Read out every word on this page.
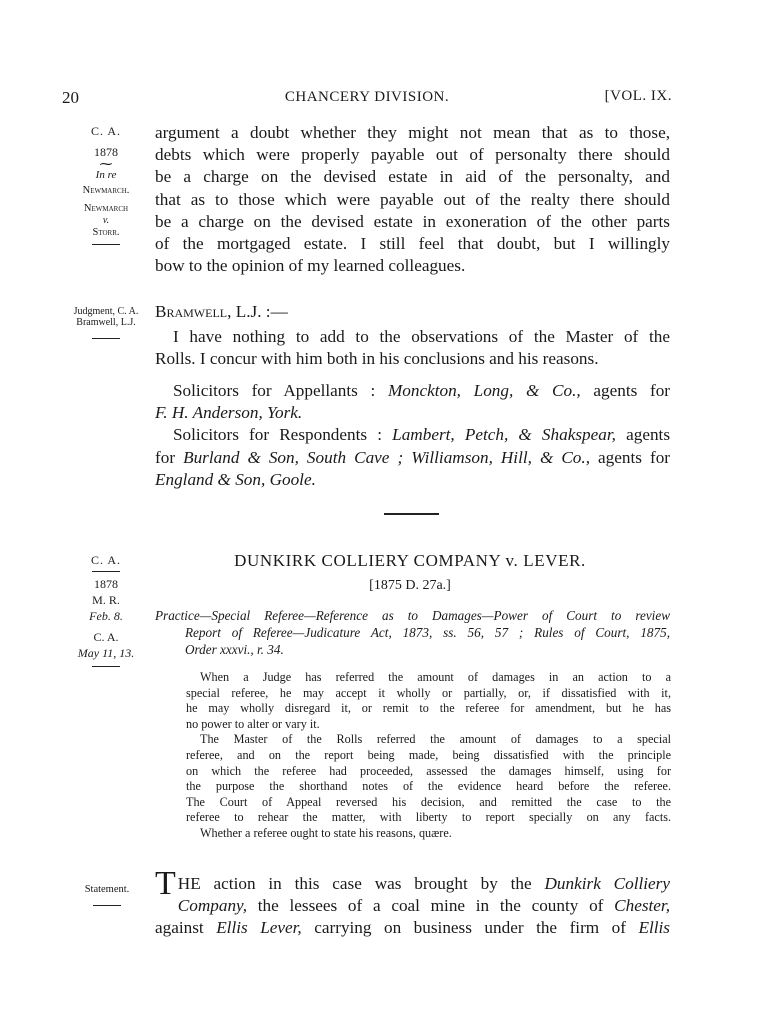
20	CHANCERY DIVISION.	[VOL. IX.
C. A.
1878
⁓
In re
Newmarch.
Newmarch
v.
Storr.
argument a doubt whether they might not mean that as to those,
debts which were properly payable out of personalty there should
be a charge on the devised estate in aid of the personalty, and
that as to those which were payable out of the realty there should
be a charge on the devised estate in exoneration of the other parts
of the mortgaged estate. I still feel that doubt, but I willingly
bow to the opinion of my learned colleagues.
Judgment, C. A.
Bramwell, L.J.
Bramwell, L.J. :—
I have nothing to add to the observations of the Master of the
Rolls. I concur with him both in his conclusions and his reasons.
Solicitors for Appellants : Monckton, Long, & Co., agents for
F. H. Anderson, York.
Solicitors for Respondents : Lambert, Petch, & Shakspear, agents
for Burland & Son, South Cave ; Williamson, Hill, & Co., agents for
England & Son, Goole.
C. A.
1878
M. R.
Feb. 8.
C. A.
May 11, 13.
DUNKIRK COLLIERY COMPANY v. LEVER.
[1875 D. 27a.]
Practice—Special Referee—Reference as to Damages—Power of Court to review
Report of Referee—Judicature Act, 1873, ss. 56, 57 ; Rules of Court, 1875,
Order xxxvi., r. 34.
When a Judge has referred the amount of damages in an action to a
special referee, he may accept it wholly or partially, or, if dissatisfied with it,
he may wholly disregard it, or remit to the referee for amendment, but he has
no power to alter or vary it.
The Master of the Rolls referred the amount of damages to a special
referee, and on the report being made, being dissatisfied with the principle
on which the referee had proceeded, assessed the damages himself, using for
the purpose the shorthand notes of the evidence heard before the referee.
The Court of Appeal reversed his decision, and remitted the case to the
referee to rehear the matter, with liberty to report specially on any facts.
Whether a referee ought to state his reasons, quære.
Statement. THE action in this case was brought by the Dunkirk Colliery
Company, the lessees of a coal mine in the county of Chester,
against Ellis Lever, carrying on business under the firm of Ellis
